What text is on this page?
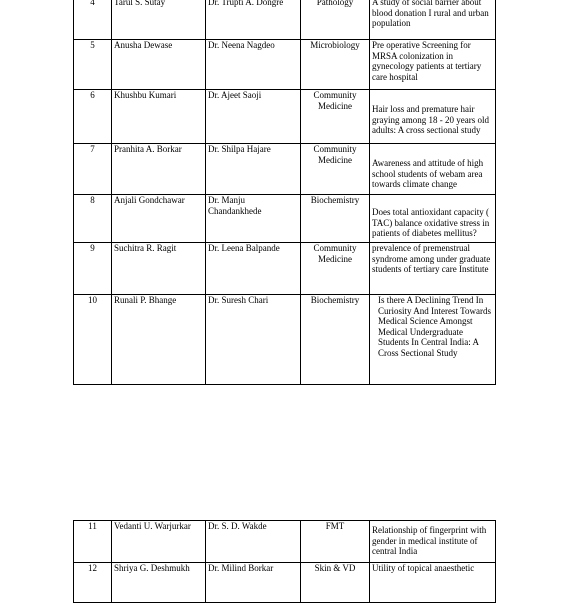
4	Tarul S. Sutay	Dr. Trupti A. Dongre	Pathology	A study of social barrier about blood donation I rural and urban population
5	Anusha Dewase	Dr. Neena Nagdeo	Microbiology	Pre operative Screening for MRSA colonization in gynecology patients at tertiary care hospital
6	Khushbu Kumari	Dr. Ajeet Saoji	Community Medicine	Hair loss and premature hair graying among 18 - 20 years old adults: A cross sectional study
7	Pranhita A. Borkar	Dr. Shilpa Hajare	Community Medicine	Awareness and attitude of high school students of webam area towards climate change
8	Anjali Gondchawar	Dr. Manju Chandankhede	Biochemistry	Does total antioxidant capacity ( TAC) balance oxidative stress in patients of diabetes mellitus?
9	Suchitra R. Ragit	Dr. Leena Balpande	Community Medicine	prevalence of premenstrual syndrome among under graduate students of tertiary care Institute
10	Runali P. Bhange	Dr. Suresh Chari	Biochemistry	Is there A Declining Trend In Curiosity And Interest Towards Medical Science Amongst Medical Undergraduate Students In Central India: A Cross Sectional Study
11	Vedanti U. Warjurkar	Dr. S. D. Wakde	FMT	Relationship of fingerprint with gender in medical institute of central India
12	Shriya G. Deshmukh	Dr. Milind Borkar	Skin & VD	Utility of topical anaesthetic
